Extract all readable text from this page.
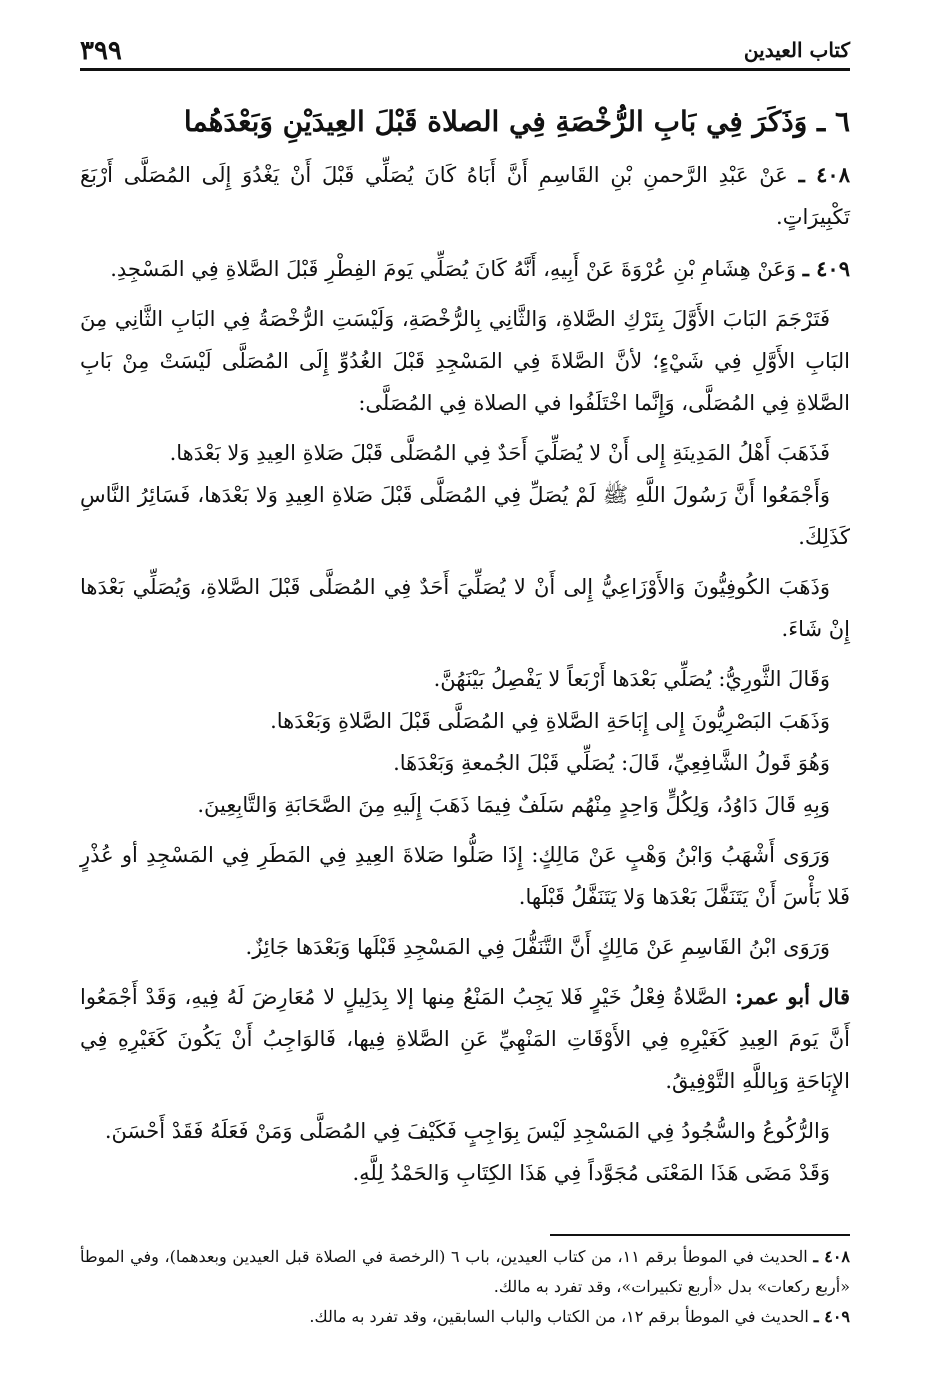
كتاب العيدين
٣٩٩
٦ ـ وَذَكَرَ فِي بَابِ الرُّخْصَةِ فِي الصلاة قَبْلَ العِيدَيْنِ وَبَعْدَهُما

٤٠٨ ـ عَنْ عَبْدِ الرَّحمنِ بْنِ القَاسِمِ أَنَّ أَبَاهُ كَانَ يُصَلِّي قَبْلَ أَنْ يَغْدُوَ إِلَى المُصَلَّى أَرْبَعَ تَكْبِيرَاتٍ.

٤٠٩ ـ وَعَنْ هِشَامِ بْنِ عُرْوَةَ عَنْ أَبِيهِ، أَنَّهُ كَانَ يُصَلِّي يَومَ الفِطْرِ قَبْلَ الصَّلاةِ فِي المَسْجِدِ.

فَتَرْجَمَ البَابَ الأَوَّلَ بِتَرْكِ الصَّلاةِ، وَالثَّانِي بِالرُّخْصَةِ، وَلَيْسَتِ الرُّخْصَةُ فِي البَابِ الثَّانِي مِنَ البَابِ الأَوَّلِ فِي شَيْءٍ؛ لأنَّ الصَّلاةَ فِي المَسْجِدِ قَبْلَ الغُدُوِّ إِلَى المُصَلَّى لَيْسَتْ مِنْ بَابِ الصَّلاةِ فِي المُصَلَّى، وَإِنَّما اخْتَلَفُوا في الصلاة فِي المُصَلَّى:

فَذَهَبَ أَهْلُ المَدِينَةِ إِلى أَنْ لا يُصَلِّيَ أَحَدٌ فِي المُصَلَّى قَبْلَ صَلاةِ العِيدِ وَلا بَعْدَها.

وَأَجْمَعُوا أَنَّ رَسُولَ اللَّهِ ﷺ لَمْ يُصَلِّ فِي المُصَلَّى قَبْلَ صَلاةِ العِيدِ وَلا بَعْدَها، فَسَائِرُ النَّاسِ كَذَلِكَ.

وَذَهَبَ الكُوفِيُّونَ وَالأَوْزَاعِيُّ إِلى أَنْ لا يُصَلِّيَ أَحَدٌ فِي المُصَلَّى قَبْلَ الصَّلاةِ، وَيُصَلِّي بَعْدَها إِنْ شَاءَ.

وَقَالَ الثَّورِيُّ: يُصَلِّي بَعْدَها أَرْبَعاً لا يَفْصِلُ بَيْنَهُنَّ.

وَذَهَبَ البَصْرِيُّونَ إِلى إِبَاحَةِ الصَّلاةِ فِي المُصَلَّى قَبْلَ الصَّلاةِ وَبَعْدَها.

وَهُوَ قَولُ الشَّافِعِيِّ، قَالَ: يُصَلِّي قَبْلَ الجُمعةِ وَبَعْدَهَا.

وَبِهِ قَالَ دَاوُدُ، وَلِكُلٍّ وَاحِدٍ مِنْهُم سَلَفٌ فِيمَا ذَهَبَ إِلَيهِ مِنَ الصَّحَابَةِ وَالتَّابِعِينَ.

وَرَوَى أَشْهَبُ وَابْنُ وَهْبٍ عَنْ مَالِكٍ: إِذَا صَلُّوا صَلاةَ العِيدِ فِي المَطَرِ فِي المَسْجِدِ أو عُذْرٍ فَلا بَأْسَ أَنْ يَتَنَفَّلَ بَعْدَها وَلا يَتَنَفَّلُ قَبْلَها.

وَرَوَى ابْنُ القَاسِمِ عَنْ مَالِكٍ أَنَّ التَّنَفُّلَ فِي المَسْجِدِ قَبْلَها وَبَعْدَها جَائِزٌ.

قال أبو عمر: الصَّلاةُ فِعْلُ خَيْرٍ فَلا يَجِبُ المَنْعُ مِنها إلا بِدَلِيلٍ لا مُعَارِضَ لَهُ فِيهِ، وَقَدْ أَجْمَعُوا أَنَّ يَومَ العِيدِ كَغَيْرِهِ فِي الأَوْقَاتِ المَنْهِيِّ عَنِ الصَّلاةِ فِيها، فَالوَاجِبُ أَنْ يَكُونَ كَغَيْرِهِ فِي الإِبَاحَةِ وَبِاللَّهِ التَّوْفِيقُ.

وَالرُّكُوعُ والسُّجُودُ فِي المَسْجِدِ لَيْسَ بِوَاجِبٍ فَكَيْفَ فِي المُصَلَّى وَمَنْ فَعَلَهُ فَقَدْ أَحْسَنَ.

وَقَدْ مَضَى هَذَا المَعْنَى مُجَوَّداً فِي هَذَا الكِتَابِ وَالحَمْدُ لِلَّهِ.

٤٠٨ ـ الحديث في الموطأ برقم ١١، من كتاب العيدين، باب ٦ (الرخصة في الصلاة قبل العيدين وبعدهما)، وفي الموطأ «أربع ركعات» بدل «أربع تكبيرات»، وقد تفرد به مالك.

٤٠٩ ـ الحديث في الموطأ برقم ١٢، من الكتاب والباب السابقين، وقد تفرد به مالك.
